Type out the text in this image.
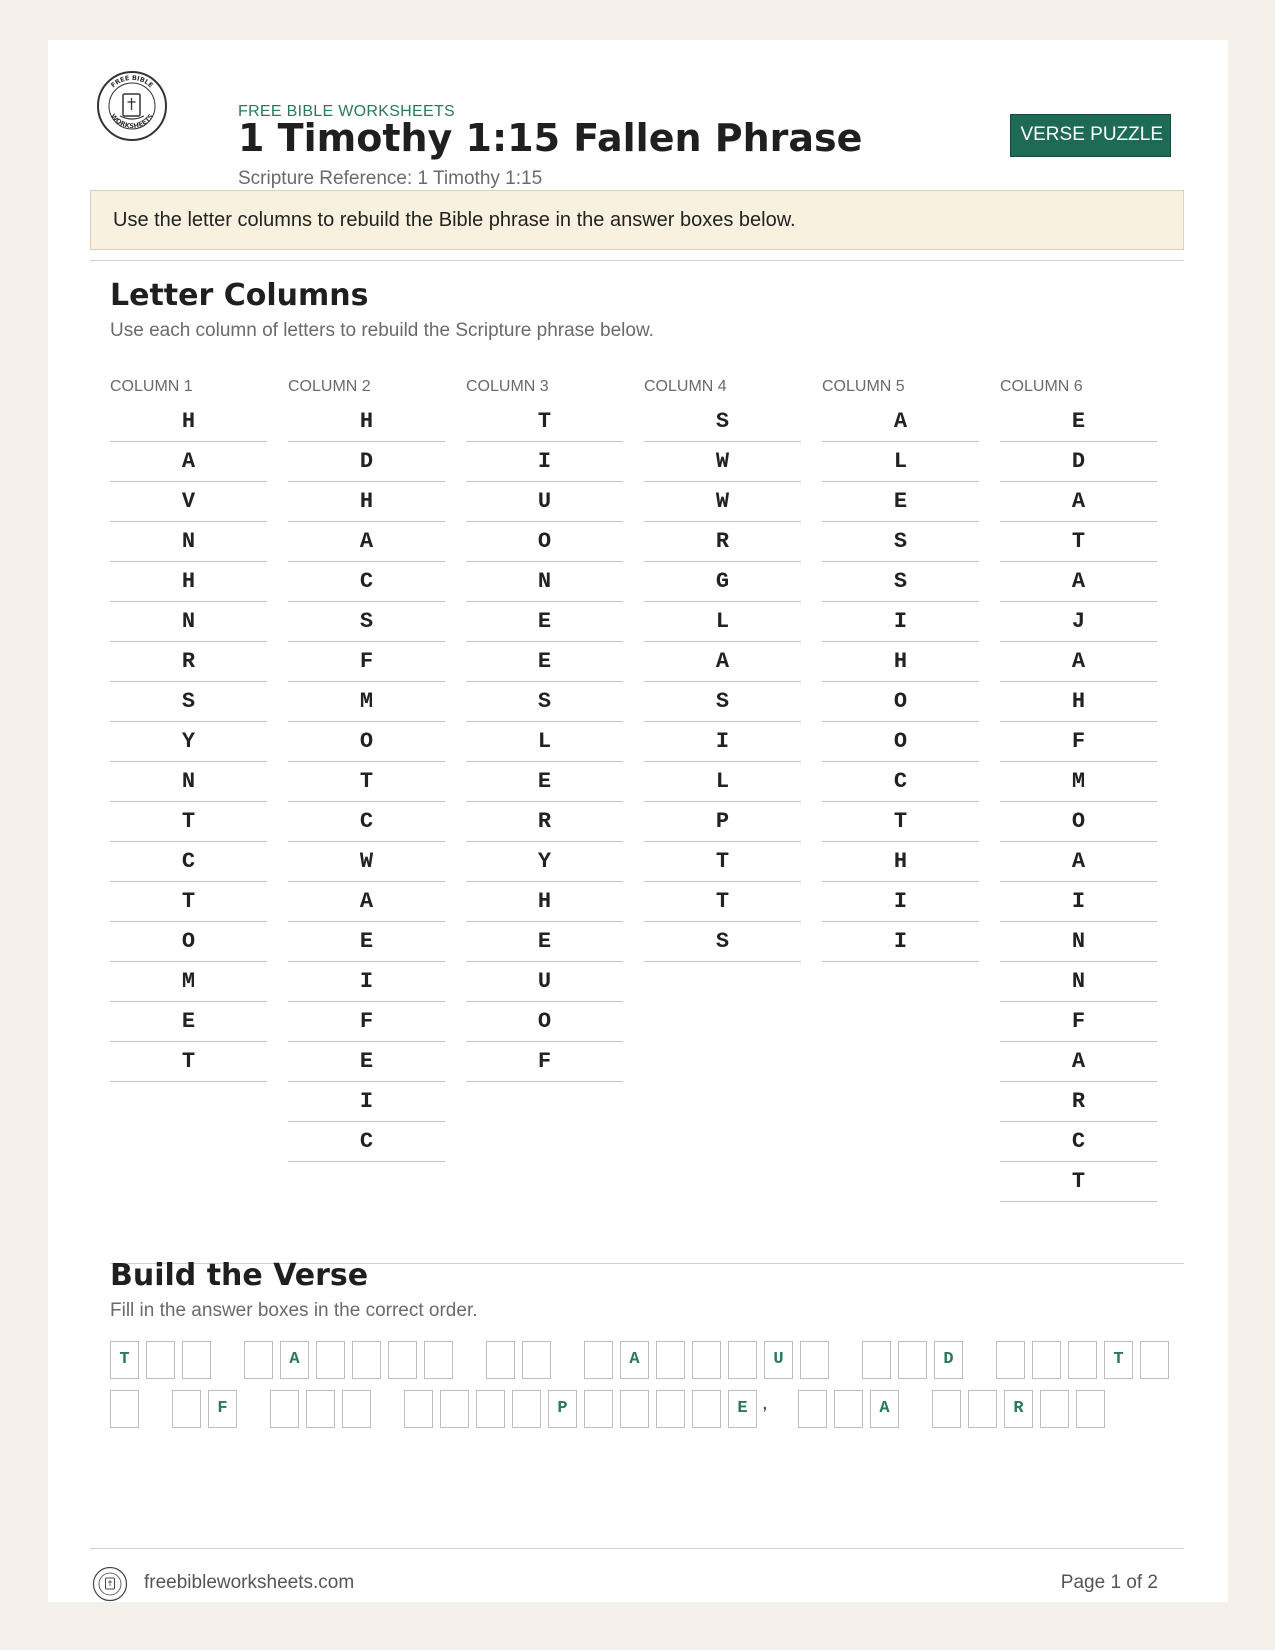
FREE BIBLE
WORKSHEETS	FREE BIBLE WORKSHEETS
1 Timothy 1:15 Fallen Phrase
Scripture Reference: 1 Timothy 1:15
VERSE PUZZLE
Use the letter columns to rebuild the Bible phrase in the answer boxes below.
Letter Columns
Use each column of letters to rebuild the Scripture phrase below.
COLUMN 1
H
A
V
N
H
N
R
S
Y
N
T
C
T
O
M
E
T
COLUMN 2
H
D
H
A
C
S
F
M
O
T
C
W
A
E
I
F
E
I
C
COLUMN 3
T
I
U
O
N
E
E
S
L
E
R
Y
H
E
U
O
F
COLUMN 4
S
W
W
R
G
L
A
S
I
L
P
T
T
S
COLUMN 5
A
L
E
S
S
I
H
O
O
C
T
H
I
I
COLUMN 6
E
D
A
T
A
J
A
H
F
M
O
A
I
N
N
F
A
R
C
T
Build the Verse
Fill in the answer boxes in the correct order.
T	A	A	U	D	T
F	P	E ,	A	R
freebibleworksheets.com	Page 1 of 2
